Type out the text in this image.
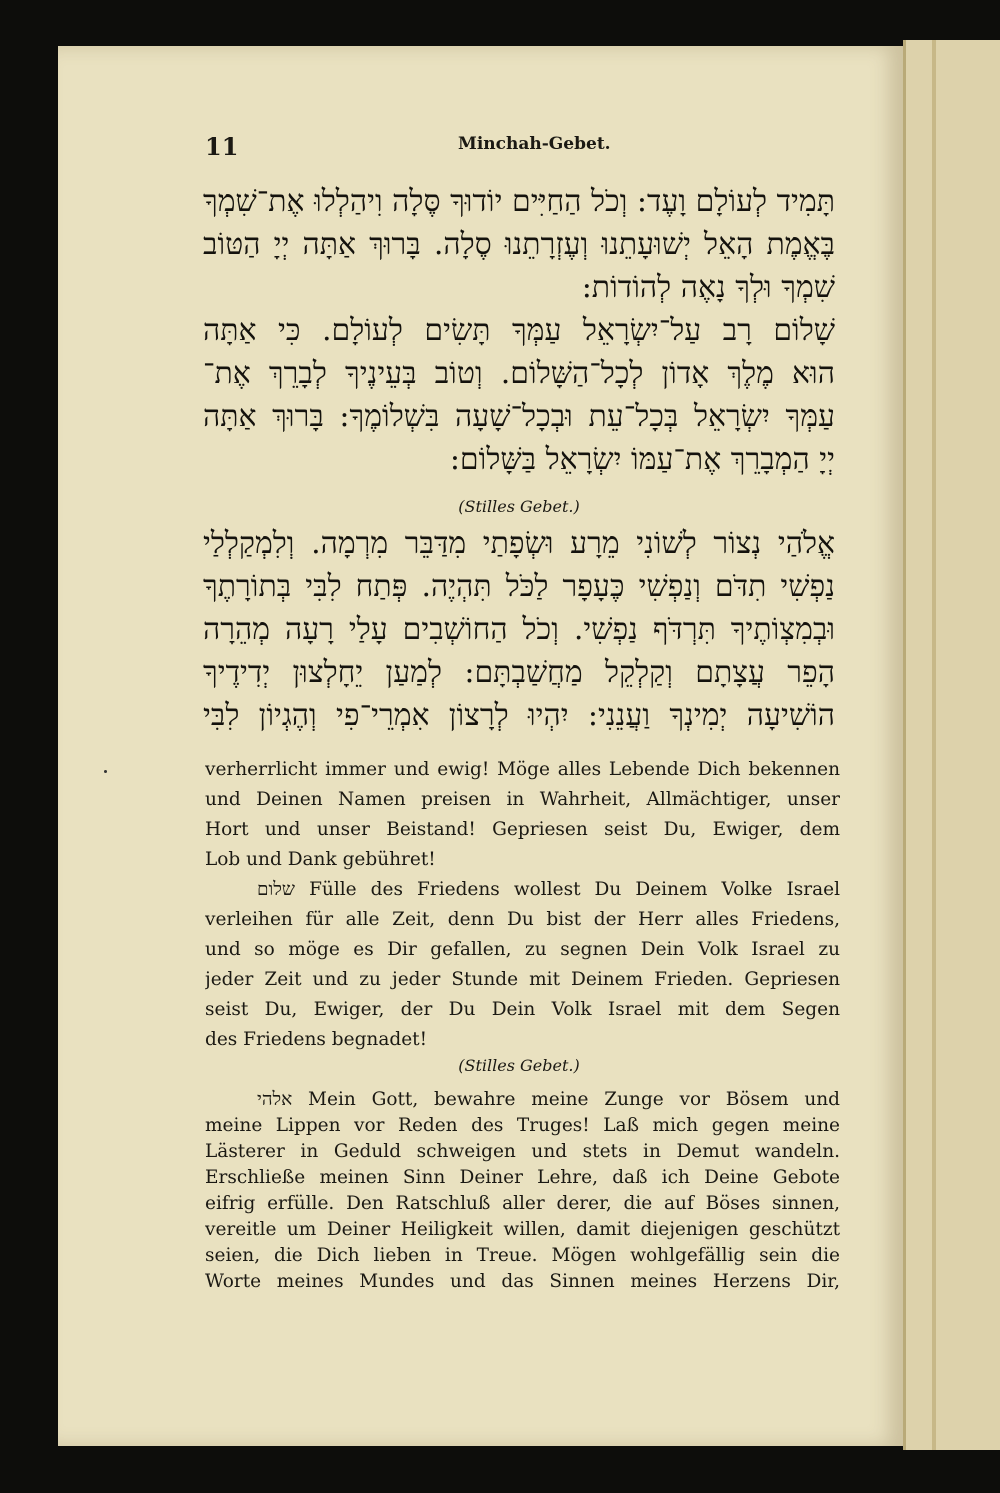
11	Minchah-Gebet.
תָּמִיד לְעוֹלָם וָעֶד: וְכֹל הַחַיִּים יוֹדוּךָ סֶּלָה וִיהַלְלוּ אֶת־שִׁמְךָ
בֶּאֱמֶת הָאֵל יְשׁוּעָתֵנוּ וְעֶזְרָתֵנוּ סֶלָה. בָּרוּךְ אַתָּה יְיָ הַטּוֹב
שִׁמְךָ וּלְךָ נָאֶה לְהוֹדוֹת:
שָׁלוֹם רָב עַל־יִשְׂרָאֵל עַמְּךָ תָּשִׂים לְעוֹלָם. כִּי אַתָּה
הוּא מֶלֶךְ אָדוֹן לְכָל־הַשָּׁלוֹם. וְטוֹב בְּעֵינֶיךָ לְבָרֵךְ אֶת־
עַמְּךָ יִשְׂרָאֵל בְּכָל־עֵת וּבְכָל־שָׁעָה בִּשְׁלוֹמֶךָ: בָּרוּךְ אַתָּה
יְיָ הַמְבָרֵךְ אֶת־עַמּוֹ יִשְׂרָאֵל בַּשָּׁלוֹם:
(Stilles Gebet.)
אֱלֹהַי נְצוֹר לְשׁוֹנִי מֵרָע וּשְׂפָתַי מִדַּבֵּר מִרְמָה. וְלִמְקַלְלַי
נַפְשִׁי תִדֹּם וְנַפְשִׁי כֶּעָפָר לַכֹּל תִּהְיֶה. פְּתַח לִבִּי בְּתוֹרָתֶךָ
וּבְמִצְוֹתֶיךָ תִּרְדֹּף נַפְשִׁי. וְכֹל הַחוֹשְׁבִים עָלַי רָעָה מְהֵרָה
הָפֵר עֲצָתָם וְקַלְקֵל מַחֲשַׁבְתָּם: לְמַעַן יֵחָלְצוּן יְדִידֶיךָ
הוֹשִׁיעָה יְמִינְךָ וַעֲנֵנִי: יִהְיוּ לְרָצוֹן אִמְרֵי־פִי וְהֶגְיוֹן לִבִּי
verherrlicht immer und ewig! Möge alles Lebende Dich bekennen
und Deinen Namen preisen in Wahrheit, Allmächtiger, unser
Hort und unser Beistand! Gepriesen seist Du, Ewiger, dem
Lob und Dank gebühret!
שלום Fülle des Friedens wollest Du Deinem Volke Israel
verleihen für alle Zeit, denn Du bist der Herr alles Friedens,
und so möge es Dir gefallen, zu segnen Dein Volk Israel zu
jeder Zeit und zu jeder Stunde mit Deinem Frieden. Gepriesen
seist Du, Ewiger, der Du Dein Volk Israel mit dem Segen
des Friedens begnadet!
(Stilles Gebet.)
אלהי Mein Gott, bewahre meine Zunge vor Bösem und
meine Lippen vor Reden des Truges! Laß mich gegen meine
Lästerer in Geduld schweigen und stets in Demut wandeln.
Erschließe meinen Sinn Deiner Lehre, daß ich Deine Gebote
eifrig erfülle. Den Ratschluß aller derer, die auf Böses sinnen,
vereitle um Deiner Heiligkeit willen, damit diejenigen geschützt
seien, die Dich lieben in Treue. Mögen wohlgefällig sein die
Worte meines Mundes und das Sinnen meines Herzens Dir,
